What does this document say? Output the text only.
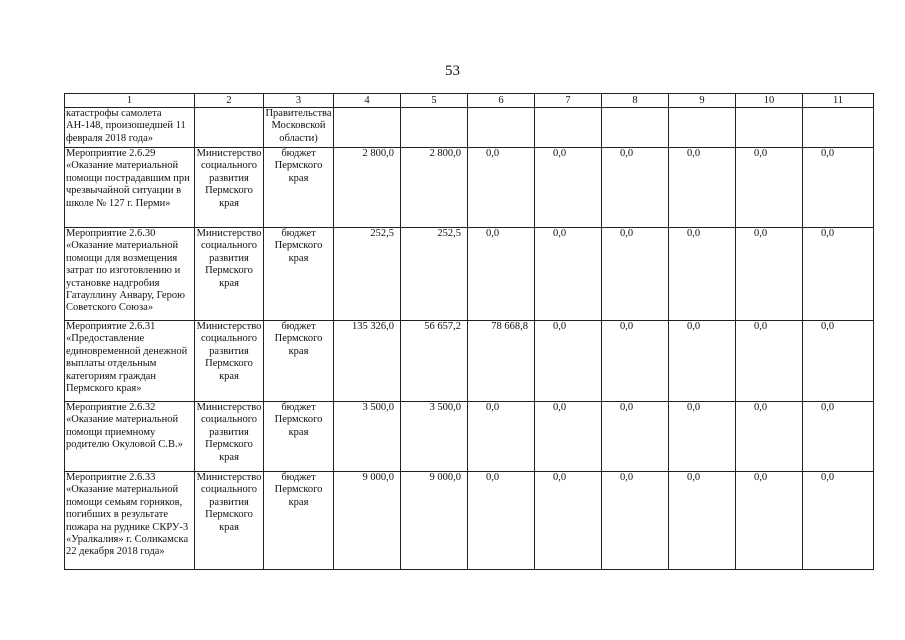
53
1	2	3	4	5	6	7	8	9	10	11
катастрофы самолета АН-148, произошедшей 11 февраля 2018 года»		Правительства Московской области)								
Мероприятие 2.6.29 «Оказание материальной помощи пострадавшим при чрезвычайной ситуации в школе № 127 г. Перми»	Министерство социального развития Пермского края	бюджет Пермского края	2 800,0	2 800,0	0,0	0,0	0,0	0,0	0,0	0,0
Мероприятие 2.6.30 «Оказание материальной помощи для возмещения затрат по изготовлению и установке надгробия Гатауллину Анвару, Герою Советского Союза»	Министерство социального развития Пермского края	бюджет Пермского края	252,5	252,5	0,0	0,0	0,0	0,0	0,0	0,0
Мероприятие 2.6.31 «Предоставление единовременной денежной выплаты отдельным категориям граждан Пермского края»	Министерство социального развития Пермского края	бюджет Пермского края	135 326,0	56 657,2	78 668,8	0,0	0,0	0,0	0,0	0,0
Мероприятие 2.6.32 «Оказание материальной помощи приемному родителю Окуловой С.В.»	Министерство социального развития Пермского края	бюджет Пермского края	3 500,0	3 500,0	0,0	0,0	0,0	0,0	0,0	0,0
Мероприятие 2.6.33 «Оказание материальной помощи семьям горняков, погибших в результате пожара на руднике СКРУ-3 «Уралкалия» г. Соликамска 22 декабря 2018 года»	Министерство социального развития Пермского края	бюджет Пермского края	9 000,0	9 000,0	0,0	0,0	0,0	0,0	0,0	0,0
